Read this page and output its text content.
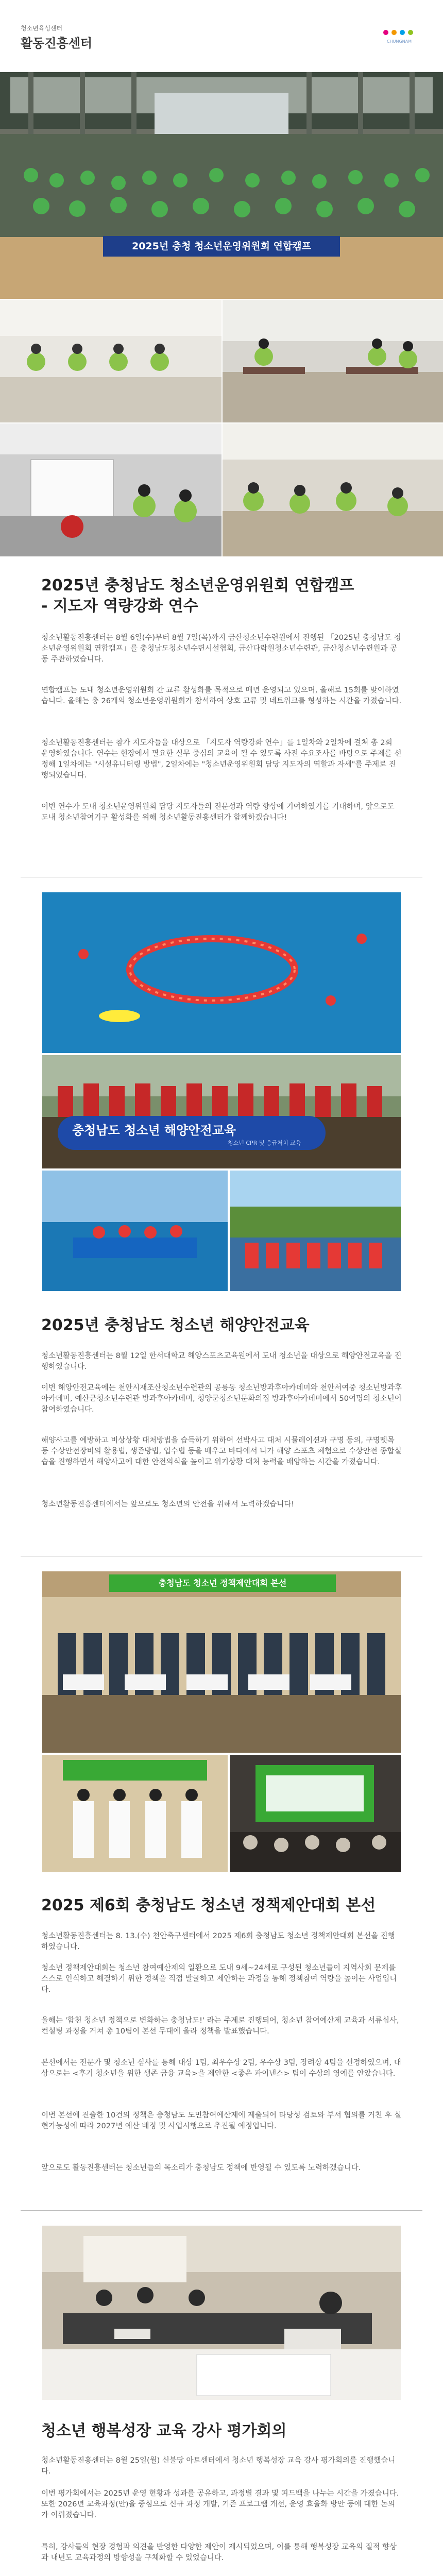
청소년육성센터
활동진흥센터	CHUNGNAM
2025년 충청 청소년운영위원회 연합캠프
2025년 충청남도 청소년운영위원회 연합캠프
- 지도자 역량강화 연수

청소년활동진흥센터는 8월 6일(수)부터 8월 7일(목)까지 금산청소년수련원에서 진행된 「2025년 충청남도 청소년운영위원회 연합캠프」를 충청남도청소년수련시설협회, 금산다락원청소년수련관, 금산청소년수련원과 공동 주관하였습니다.

연합캠프는 도내 청소년운영위원회 간 교류 활성화를 목적으로 매년 운영되고 있으며, 올해로 15회를 맞이하였습니다. 올해는 총 26개의 청소년운영위원회가 참석하여 상호 교류 및 네트워크를 형성하는 시간을 가졌습니다.

청소년활동진흥센터는 참가 지도자들을 대상으로 「지도자 역량강화 연수」를 1일차와 2일차에 걸쳐 총 2회 운영하였습니다. 연수는 현장에서 필요한 실무 중심의 교육이 될 수 있도록 사전 수요조사를 바탕으로 주제를 선정해 1일차에는 "시설유니터링 방법", 2일차에는 "청소년운영위원회 담당 지도자의 역할과 자세"를 주제로 진행되었습니다.

이번 연수가 도내 청소년운영위원회 담당 지도자들의 전문성과 역량 향상에 기여하였기를 기대하며, 앞으로도 도내 청소년참여기구 활성화를 위해 청소년활동진흥센터가 함께하겠습니다!

충청남도 청소년 해양안전교육
청소년 CPR 및 응급처치 교육
2025년 충청남도 청소년 해양안전교육

청소년활동진흥센터는 8월 12일 한서대학교 해양스포츠교육원에서 도내 청소년을 대상으로 해양안전교육을 진행하였습니다.

이번 해양안전교육에는 천안시재조산청소년수련관의 공릉동 청소년방과후아카데미와 천안서여중 청소년방과후아카데미, 예산군청소년수련관 방과후아카데미, 청양군청소년문화의집 방과후아카데미에서 50여명의 청소년이 참여하였습니다.

해양사고를 예방하고 비상상황 대처방법을 습득하기 위하여 선박사고 대처 시뮬레이션과 구명 동의, 구명뗏목 등 수상안전장비의 활용법, 생존방법, 입수법 등을 배우고 바다에서 나가 해양 스포츠 체험으로 수상안전 종합실습을 진행하면서 해양사고에 대한 안전의식을 높이고 위기상황 대처 능력을 배양하는 시간을 가졌습니다.

청소년활동진흥센터에서는 앞으로도 청소년의 안전을 위해서 노력하겠습니다!

충청남도 청소년 정책제안대회 본선
2025 제6회 충청남도 청소년 정책제안대회 본선

청소년활동진흥센터는 8. 13.(수) 천안축구센터에서 2025 제6회 충청남도 청소년 정책제안대회 본선을 진행하였습니다.

청소년 정책제안대회는 청소년 참여예산제의 일환으로 도내 9세~24세로 구성된 청소년들이 지역사회 문제를 스스로 인식하고 해결하기 위한 정책을 직접 발굴하고 제안하는 과정을 통해 정책참여 역량을 높이는 사업입니다.

올해는 '함천 청소년 정책으로 변화하는 충청남도!' 라는 주제로 진행되어, 청소년 참여예산제 교육과 서류심사, 컨설팅 과정을 거쳐 총 10팀이 본선 무대에 올라 정책을 발표했습니다.

본선에서는 전문가 및 청소년 심사를 통해 대상 1팀, 최우수상 2팀, 우수상 3팀, 장려상 4팀을 선정하였으며, 대상으로는 <후기 청소년을 위한 생존 금융 교육>을 제안한 <좋은 파이낸스> 팀이 수상의 영예를 안았습니다.

이번 본선에 진출한 10건의 정책은 충청남도 도민참여예산제에 제출되어 타당성 검토와 부서 협의를 거친 후 실현가능성에 따라 2027년 예산 배정 및 사업시행으로 추진될 예정입니다.

앞으로도 활동진흥센터는 청소년들의 목소리가 충청남도 정책에 반영될 수 있도록 노력하겠습니다.

청소년 행복성장 교육 강사 평가회의

청소년활동진흥센터는 8월 25일(월) 신불당 아트센터에서 청소년 행복성장 교육 강사 평가회의를 진행했습니다.

이번 평가회에서는 2025년 운영 현황과 성과를 공유하고, 과정별 결과 및 피드백을 나누는 시간을 가졌습니다. 또한 2026년 교육과정(안)을 중심으로 신규 과정 개발, 기존 프로그램 개선, 운영 효율화 방안 등에 대한 논의가 이뤄졌습니다.

특히, 강사들의 현장 경험과 의견을 반영한 다양한 제안이 제시되었으며, 이를 통해 행복성장 교육의 질적 향상과 내년도 교육과정의 방향성을 구체화할 수 있었습니다.
